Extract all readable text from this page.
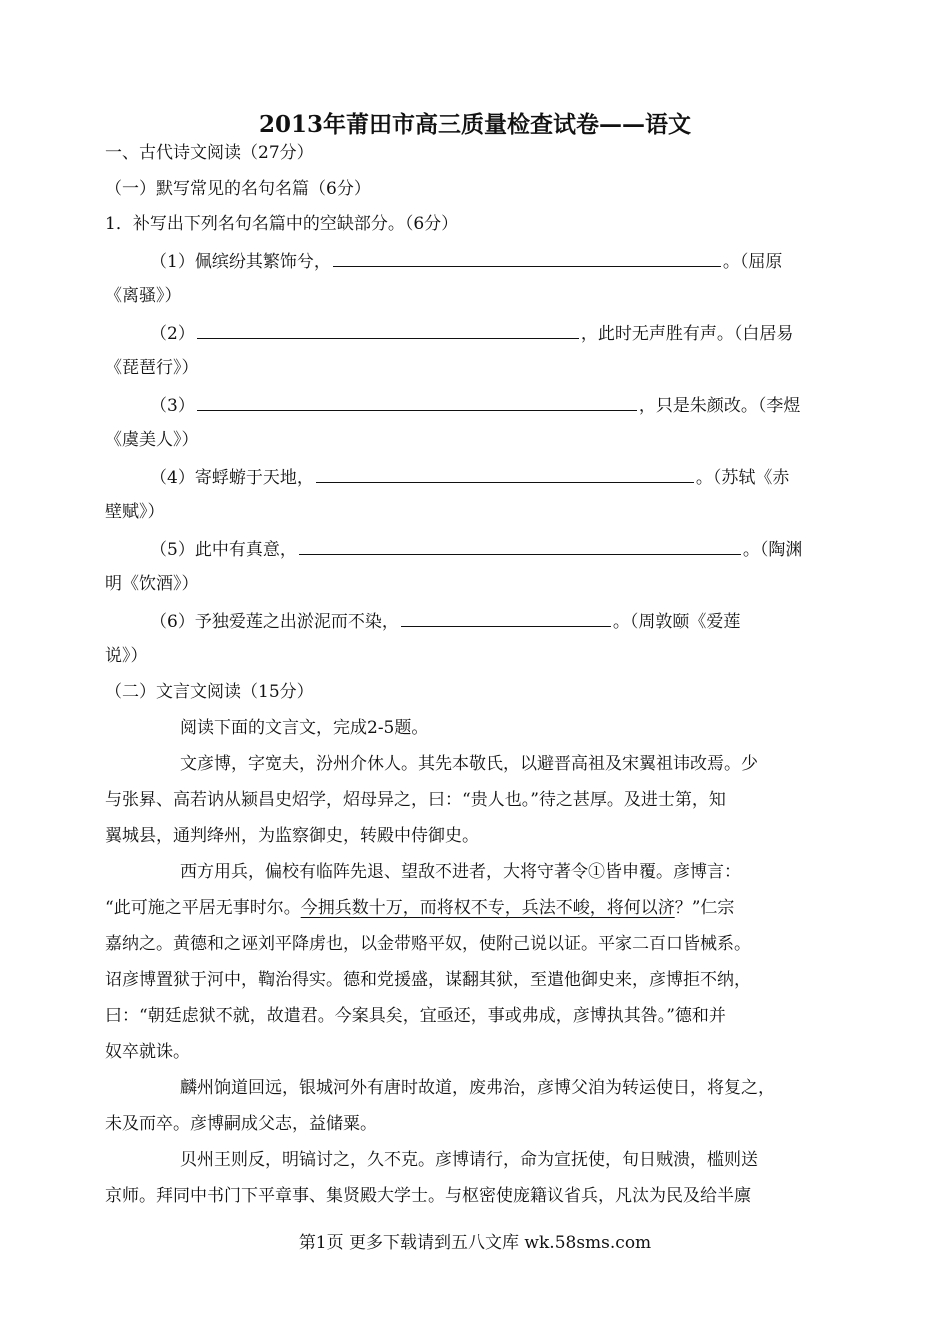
2013年莆田市高三质量检查试卷——语文
一、古代诗文阅读（27分）
（一）默写常见的名句名篇（6分）
1．补写出下列名句名篇中的空缺部分。（6分）
（1）佩缤纷其繁饰兮，	。（屈原
《离骚》）
（2）	，此时无声胜有声。（白居易
《琵琶行》）
（3）	，只是朱颜改。（李煜
《虞美人》）
（4）寄蜉蝣于天地，	。（苏轼《赤
壁赋》）
（5）此中有真意，	。（陶渊
明《饮酒》）
（6）予独爱莲之出淤泥而不染，	。（周敦颐《爱莲
说》）
（二）文言文阅读（15分）
阅读下面的文言文，完成2-5题。
文彦博，字宽夫，汾州介休人。其先本敬氏，以避晋高祖及宋翼祖讳改焉。少
与张昪、高若讷从颍昌史炤学，炤母异之，曰：“贵人也。”待之甚厚。及进士第，知
翼城县，通判绛州，为监察御史，转殿中侍御史。
西方用兵，偏校有临阵先退、望敌不进者，大将守著令①皆申覆。彦博言：
“此可施之平居无事时尔。今拥兵数十万，而将权不专，兵法不峻，将何以济？”仁宗
嘉纳之。黄德和之诬刘平降虏也，以金带赂平奴，使附己说以证。平家二百口皆械系。
诏彦博置狱于河中，鞫治得实。德和党援盛，谋翻其狱，至遣他御史来，彦博拒不纳，
曰：“朝廷虑狱不就，故遣君。今案具矣，宜亟还，事或弗成，彦博执其咎。”德和并
奴卒就诛。
麟州饷道回远，银城河外有唐时故道，废弗治，彦博父洎为转运使日，将复之，
未及而卒。彦博嗣成父志，益储粟。
贝州王则反，明镐讨之，久不克。彦博请行，命为宣抚使，旬日贼溃，槛则送
京师。拜同中书门下平章事、集贤殿大学士。与枢密使庞籍议省兵，凡汰为民及给半廪
第1页 更多下载请到五八文库 wk.58sms.com
